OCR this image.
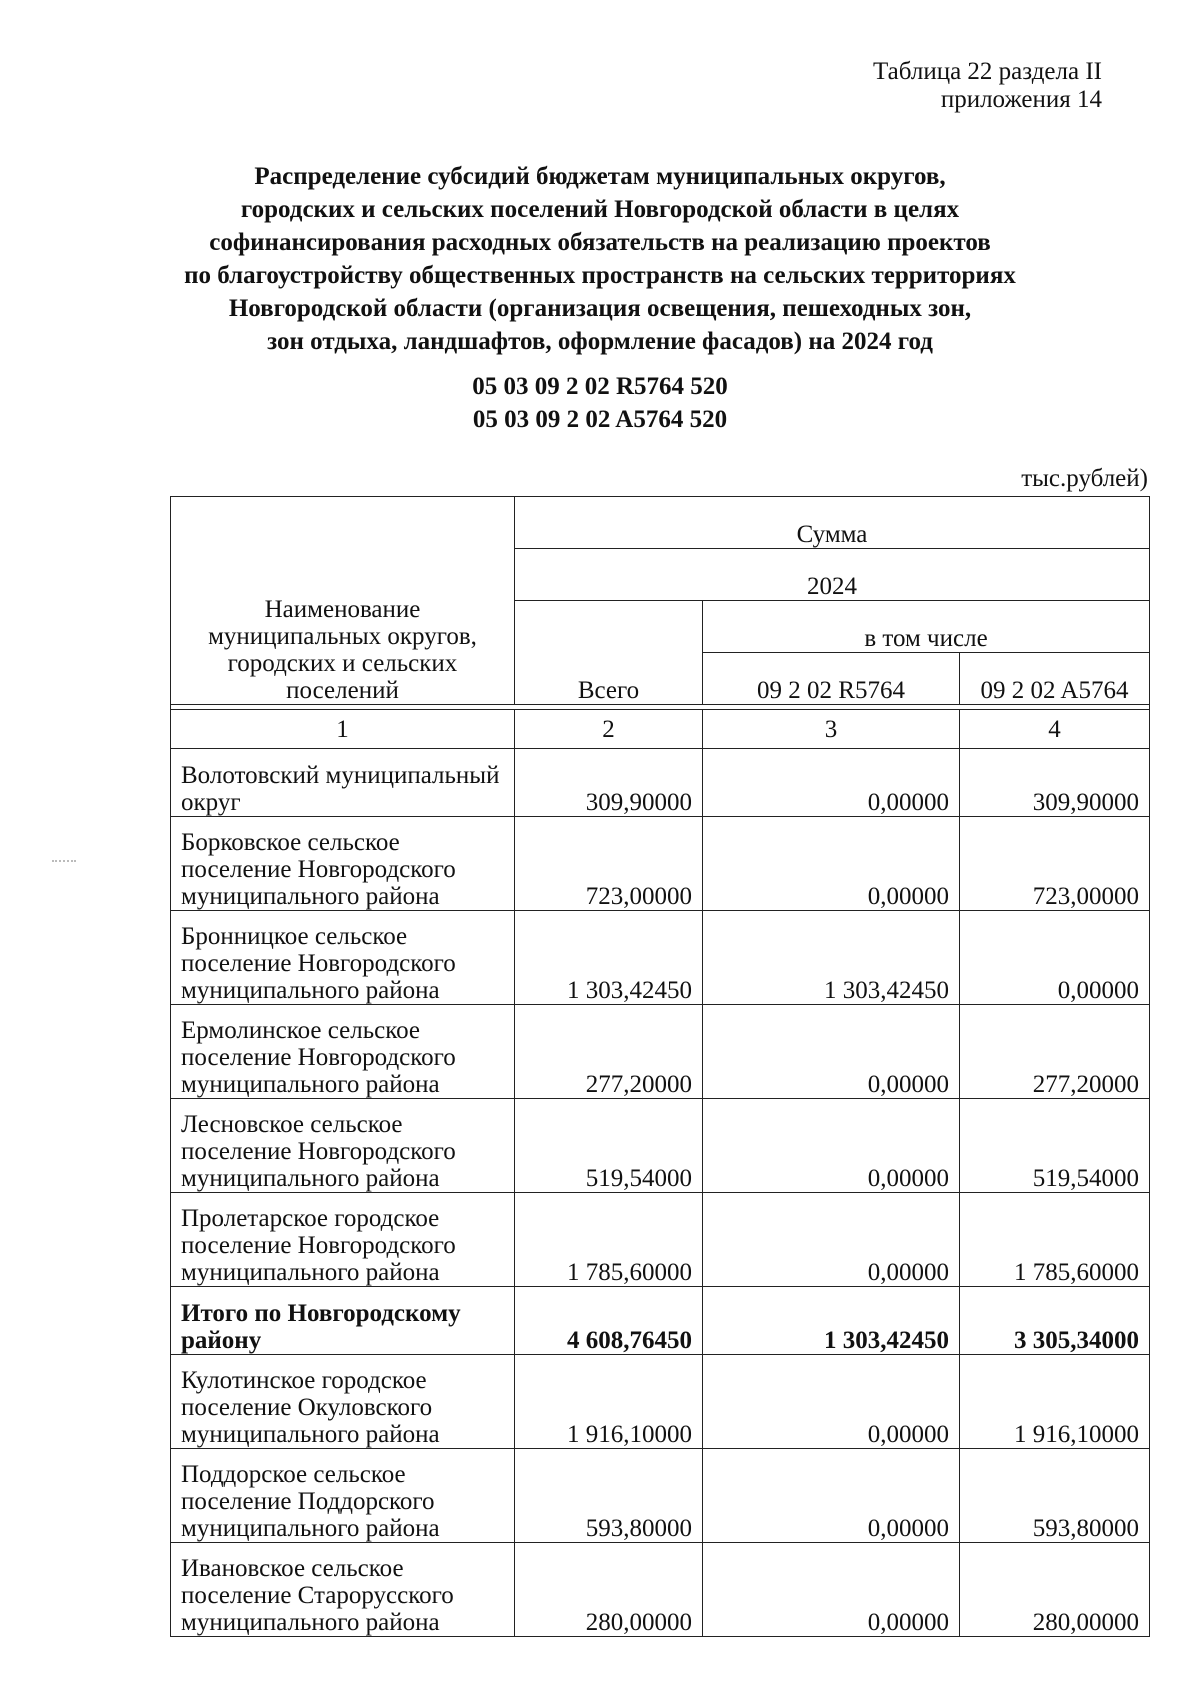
Таблица 22 раздела II
приложения 14
Распределение субсидий бюджетам муниципальных округов,
городских и сельских поселений Новгородской области в целях
софинансирования расходных обязательств на реализацию проектов
по благоустройству общественных пространств на сельских территориях
Новгородской области (организация освещения, пешеходных зон,
зон отдыха, ландшафтов, оформление фасадов) на 2024 год
05 03 09 2 02 R5764 520
05 03 09 2 02 A5764 520
тыс.рублей)
Наименование муниципальных округов, городских и сельских поселений	Сумма		
	2024		
	Всего	в том числе	
		09 2 02 R5764	09 2 02 A5764

1	2	3	4
Волотовский муниципальный округ	309,90000	0,00000	309,90000
Борковское сельское поселение Новгородского муниципального района	723,00000	0,00000	723,00000
Бронницкое сельское поселение Новгородского муниципального района	1 303,42450	1 303,42450	0,00000
Ермолинское сельское поселение Новгородского муниципального района	277,20000	0,00000	277,20000
Лесновское сельское поселение Новгородского муниципального района	519,54000	0,00000	519,54000
Пролетарское городское поселение Новгородского муниципального района	1 785,60000	0,00000	1 785,60000
Итого по Новгородскому району	4 608,76450	1 303,42450	3 305,34000
Кулотинское городское поселение Окуловского муниципального района	1 916,10000	0,00000	1 916,10000
Поддорское сельское поселение Поддорского муниципального района	593,80000	0,00000	593,80000
Ивановское сельское поселение Старорусского муниципального района	280,00000	0,00000	280,00000
